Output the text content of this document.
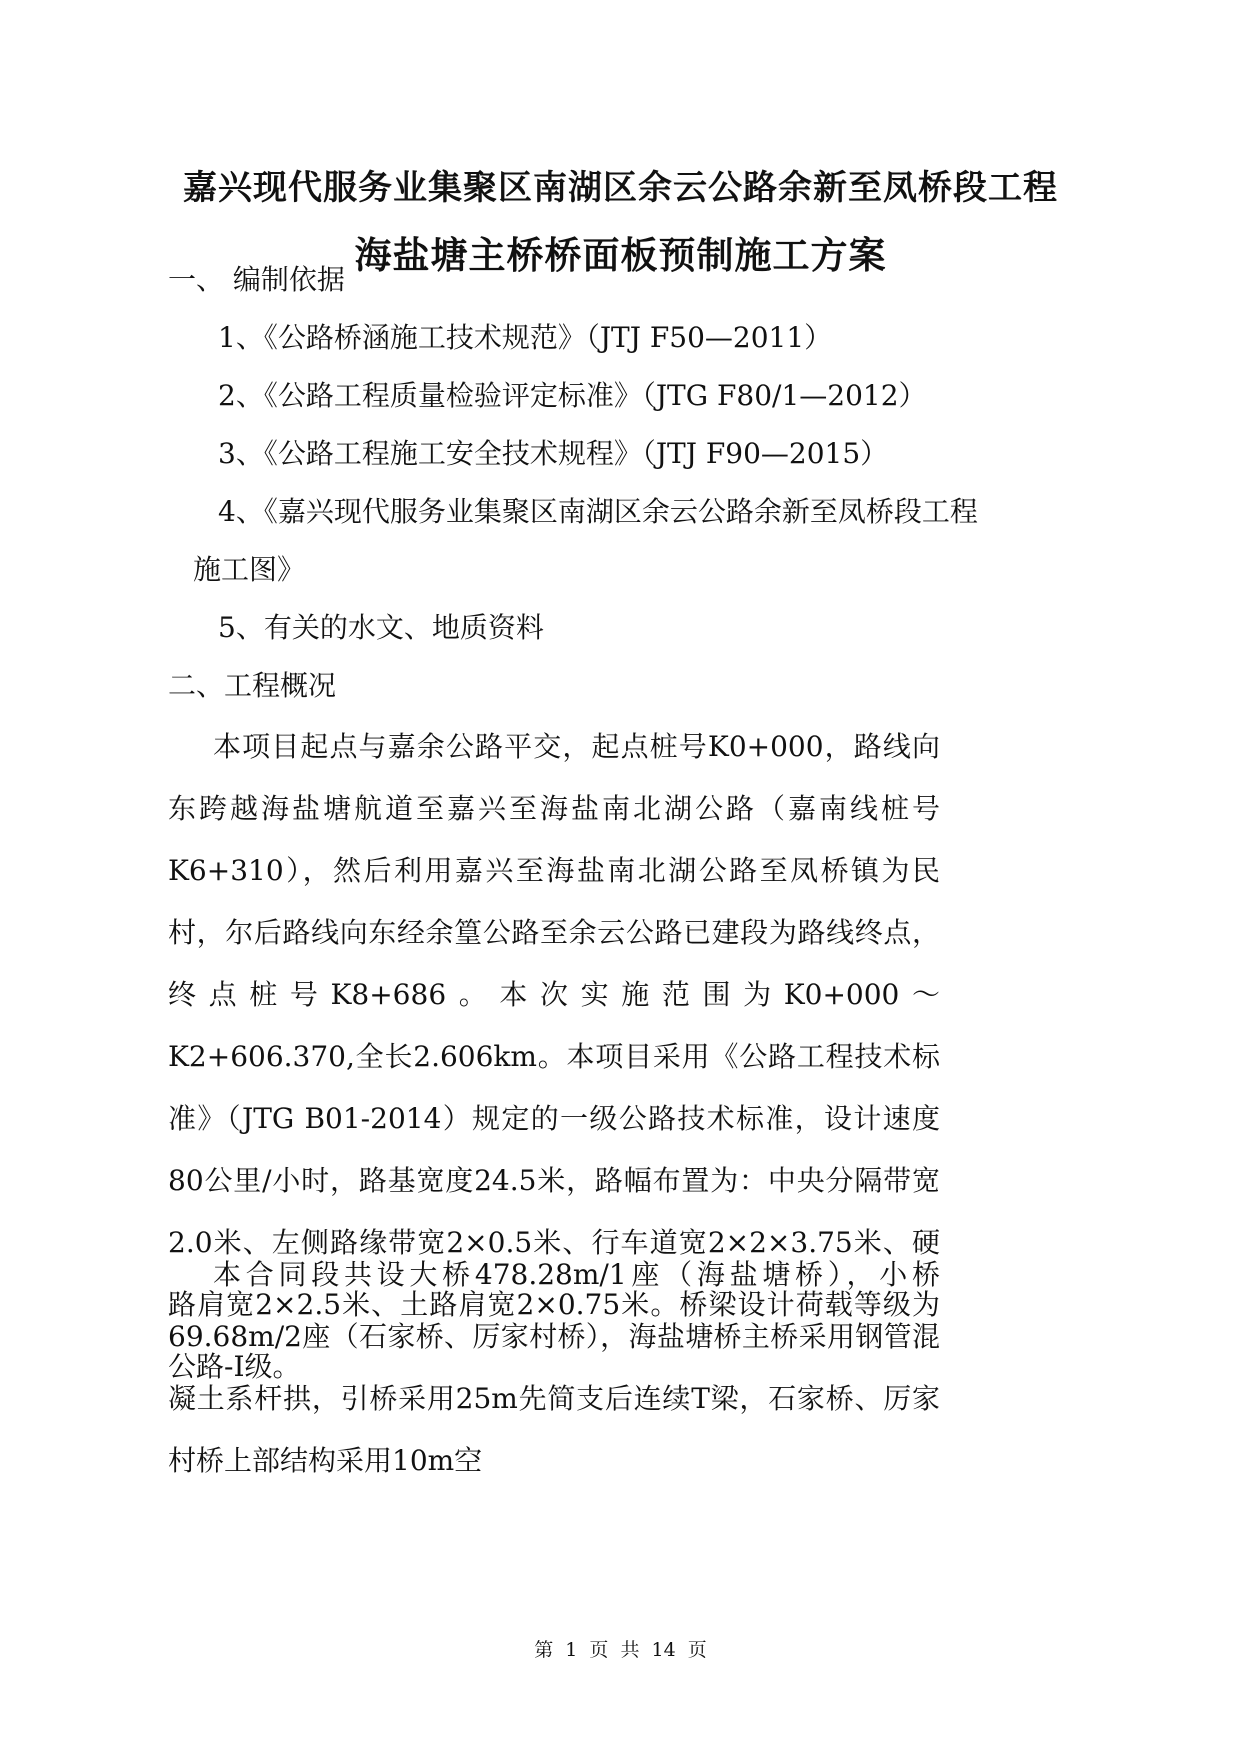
嘉兴现代服务业集聚区南湖区余云公路余新至凤桥段工程
海盐塘主桥桥面板预制施工方案
一、 编制依据
1、《公路桥涵施工技术规范》（JTJ F50—2011）
2、《公路工程质量检验评定标准》（JTG F80/1—2012）
3、《公路工程施工安全技术规程》（JTJ F90—2015）
4、《嘉兴现代服务业集聚区南湖区余云公路余新至凤桥段工程
施工图》
5、有关的水文、地质资料
二、工程概况

本项目起点与嘉余公路平交，起点桩号K0+000，路线向东跨越海盐塘航道至嘉兴至海盐南北湖公路（嘉南线桩号K6+310），然后利用嘉兴至海盐南北湖公路至凤桥镇为民村，尔后路线向东经余篁公路至余云公路已建段为路线终点，终点桩号K8+686。本次实施范围为K0+000～K2+606.370,全长2.606km。本项目采用《公路工程技术标准》（JTG B01-2014）规定的一级公路技术标准，设计速度80公里/小时，路基宽度24.5米，路幅布置为：中央分隔带宽2.0米、左侧路缘带宽2×0.5米、行车道宽2×2×3.75米、硬路肩宽2×2.5米、土路肩宽2×0.75米。桥梁设计荷载等级为公路-I级。

本合同段共设大桥478.28m/1座（海盐塘桥），小桥69.68m/2座（石家桥、厉家村桥），海盐塘桥主桥采用钢管混凝土系杆拱，引桥采用25m先简支后连续T梁，石家桥、厉家村桥上部结构采用10m空

第 1 页 共 14 页
